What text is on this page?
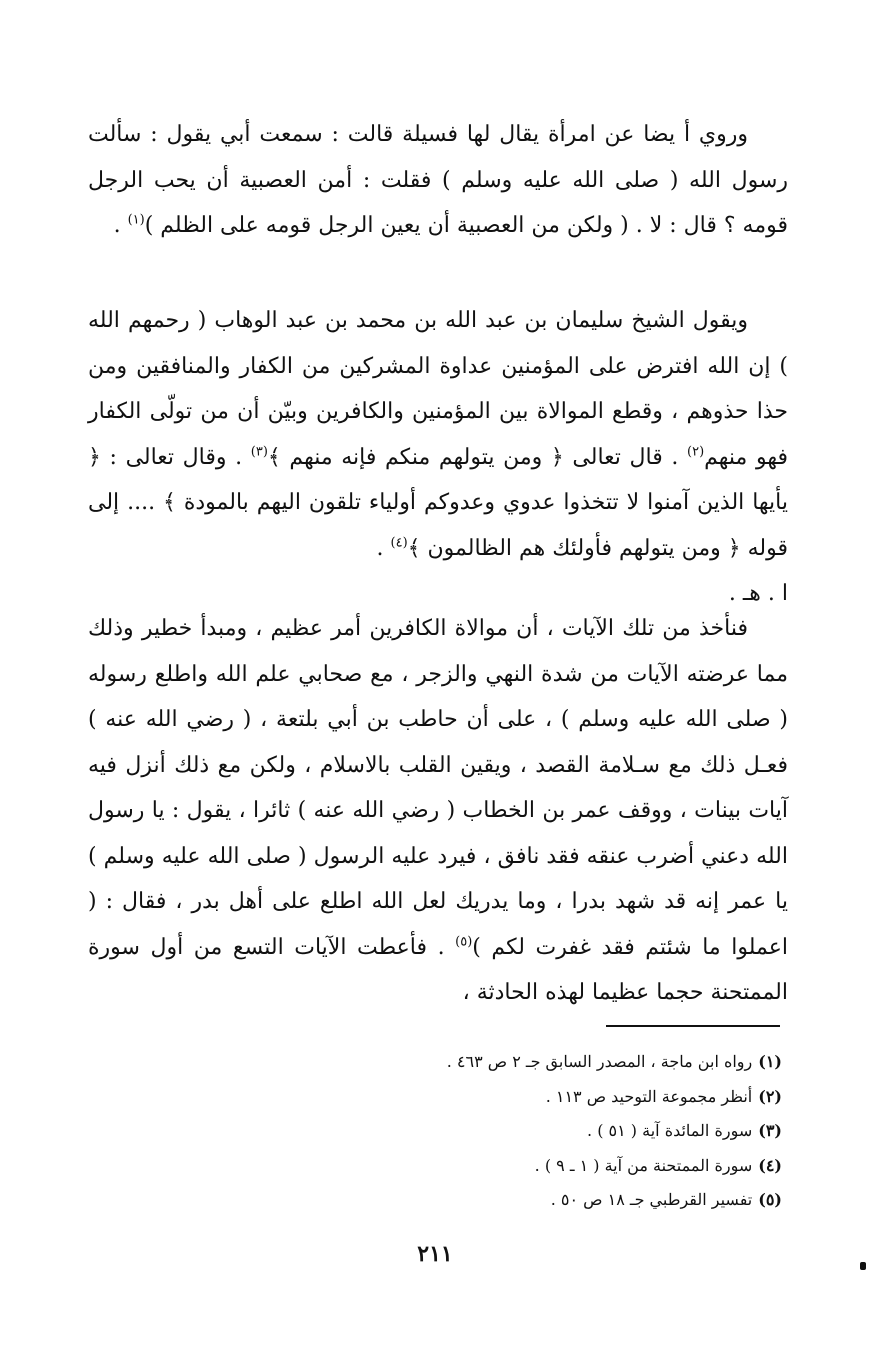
وروي أ يضا عن امرأة يقال لها فسيلة قالت : سمعت أبي يقول : سألت رسول الله ( صلى الله عليه وسلم ) فقلت : أمن العصبية أن يحب الرجل قومه ؟ قال : لا . ( ولكن من العصبية أن يعين الرجل قومه على الظلم )$^{(١)}$ .

ويقول الشيخ سليمان بن عبد الله بن محمد بن عبد الوهاب ( رحمهم الله ) إن الله افترض على المؤمنين عداوة المشركين من الكفار والمنافقين ومن حذا حذوهم ، وقطع الموالاة بين المؤمنين والكافرين وبيّن أن من تولّى الكفار فهو منهم$^{(٢)}$ . قال تعالى ﴿ ومن يتولهم منكم فإنه منهم ﴾$^{(٣)}$ . وقال تعالى : ﴿ يأيها الذين آمنوا لا تتخذوا عدوي وعدوكم أولياء تلقون اليهم بالمودة ﴾ .... إلى قوله ﴿ ومن يتولهم فأولئك هم الظالمون ﴾$^{(٤)}$ .
ا . هـ .

فنأخذ من تلك الآيات ، أن موالاة الكافرين أمر عظيم ، ومبدأ خطير وذلك مما عرضته الآيات من شدة النهي والزجر ، مع صحابي علم الله واطلع رسوله ( صلى الله عليه وسلم ) ، على أن حاطب بن أبي بلتعة ، ( رضي الله عنه ) فعـل ذلك مع سـلامة القصد ، ويقين القلب بالاسلام ، ولكن مع ذلك أنزل فيه آيات بينات ، ووقف عمر بن الخطاب ( رضي الله عنه ) ثائرا ، يقول : يا رسول الله دعني أضرب عنقه فقد نافق ، فيرد عليه الرسول ( صلى الله عليه وسلم ) يا عمر إنه قد شهد بدرا ، وما يدريك لعل الله اطلع على أهل بدر ، فقال : ( اعملوا ما شئتم فقد غفرت لكم )$^{(٥)}$ . فأعطت الآيات التسع من أول سورة الممتحنة حجما عظيما لهذه الحادثة ،

(١)رواه ابن ماجة ، المصدر السابق جـ ٢ ص ٤٦٣ .
(٢)أنظر مجموعة التوحيد ص ١١٣ .
(٣)سورة المائدة آية ( ٥١ ) .
(٤)سورة الممتحنة من آية ( ١ ـ ٩ ) .
(٥)تفسير القرطبي جـ ١٨ ص ٥٠ .
٢١١
